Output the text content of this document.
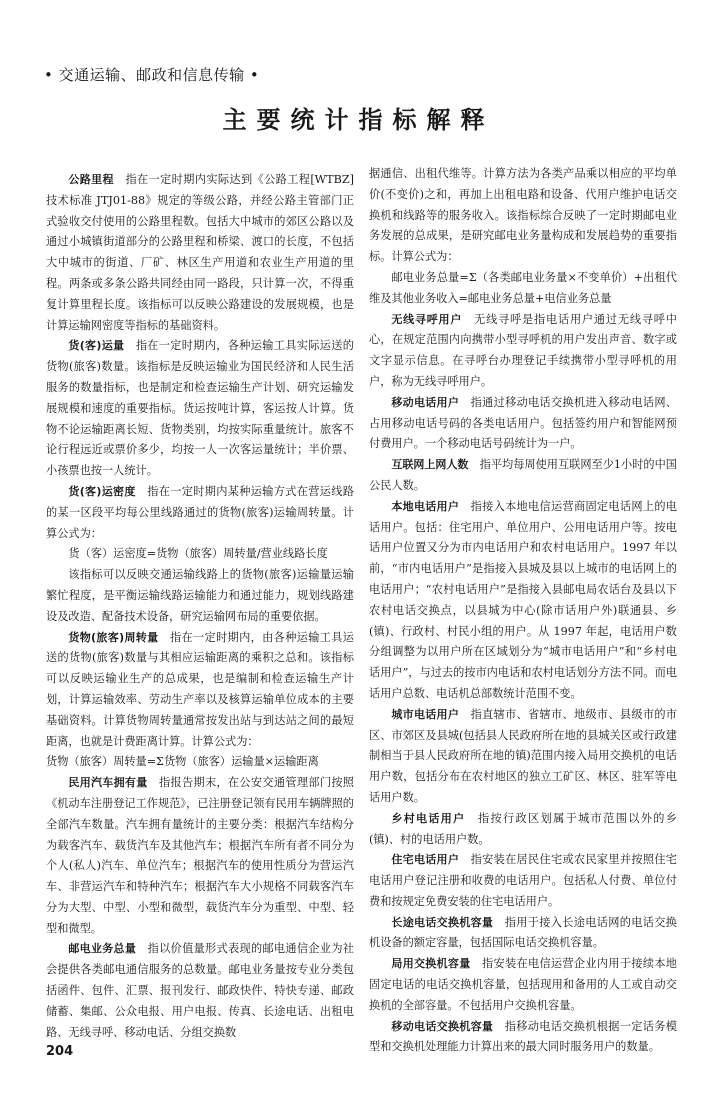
• 交通运输、邮政和信息传输 •
主要统计指标解释

公路里程　 指在一定时期内实际达到《公路工程[WTBZ]技术标准 JTJ01-88》规定的等级公路，并经公路主管部门正式验收交付使用的公路里程数。包括大中城市的郊区公路以及通过小城镇街道部分的公路里程和桥梁、渡口的长度，不包括大中城市的街道、厂矿、林区生产用道和农业生产用道的里程。两条或多条公路共同经由同一路段，只计算一次，不得重复计算里程长度。该指标可以反映公路建设的发展规模，也是计算运输网密度等指标的基础资料。

货(客)运量　 指在一定时期内，各种运输工具实际运送的货物(旅客)数量。该指标是反映运输业为国民经济和人民生活服务的数量指标，也是制定和检查运输生产计划、研究运输发展规模和速度的重要指标。货运按吨计算，客运按人计算。货物不论运输距离长短、货物类别，均按实际重量统计。旅客不论行程远近或票价多少，均按一人一次客运量统计；半价票、小孩票也按一人统计。

货(客)运密度　 指在一定时期内某种运输方式在营运线路的某一区段平均每公里线路通过的货物(旅客)运输周转量。计算公式为：

货（客）运密度=货物（旅客）周转量/营业线路长度

该指标可以反映交通运输线路上的货物(旅客)运输量运输繁忙程度，是平衡运输线路运输能力和通过能力，规划线路建设及改造、配备技术设备，研究运输网布局的重要依据。

货物(旅客)周转量　 指在一定时期内，由各种运输工具运送的货物(旅客)数量与其相应运输距离的乘积之总和。该指标可以反映运输业生产的总成果，也是编制和检查运输生产计划，计算运输效率、劳动生产率以及核算运输单位成本的主要基础资料。计算货物周转量通常按发出站与到达站之间的最短距离，也就是计费距离计算。计算公式为：

货物（旅客）周转量=Σ货物（旅客）运输量×运输距离

民用汽车拥有量　 指报告期末，在公安交通管理部门按照《机动车注册登记工作规范》，已注册登记领有民用车辆牌照的全部汽车数量。汽车拥有量统计的主要分类：根据汽车结构分为载客汽车、载货汽车及其他汽车；根据汽车所有者不同分为个人(私人)汽车、单位汽车；根据汽车的使用性质分为营运汽车、非营运汽车和特种汽车；根据汽车大小规格不同载客汽车分为大型、中型、小型和微型，载货汽车分为重型、中型、轻型和微型。

邮电业务总量　 指以价值量形式表现的邮电通信企业为社会提供各类邮电通信服务的总数量。邮电业务量按专业分类包括函件、包件、汇票、报刊发行、邮政快件、特快专递、邮政储蓄、集邮、公众电报、用户电报、传真、长途电话、出租电路、无线寻呼、移动电话、分组交换数

据通信、出租代维等。计算方法为各类产品乘以相应的平均单价(不变价)之和，再加上出租电路和设备、代用户维护电话交换机和线路等的服务收入。该指标综合反映了一定时期邮电业务发展的总成果，是研究邮电业务量构成和发展趋势的重要指标。计算公式为：

邮电业务总量=Σ（各类邮电业务量×不变单价）+出租代维及其他业务收入=邮电业务总量+电信业务总量

无线寻呼用户　 无线寻呼是指电话用户通过无线寻呼中心，在规定范围内向携带小型寻呼机的用户发出声音、数字或文字显示信息。在寻呼台办理登记手续携带小型寻呼机的用户，称为无线寻呼用户。

移动电话用户　 指通过移动电话交换机进入移动电话网、占用移动电话号码的各类电话用户。包括签约用户和智能网预付费用户。一个移动电话号码统计为一户。

互联网上网人数　 指平均每周使用互联网至少1小时的中国公民人数。

本地电话用户　 指接入本地电信运营商固定电话网上的电话用户。包括：住宅用户、单位用户、公用电话用户等。按电话用户位置又分为市内电话用户和农村电话用户。1997 年以前，“市内电话用户”是指接入县城及县以上城市的电话网上的电话用户；“农村电话用户”是指接入县邮电局农话台及县以下农村电话交换点，以县城为中心(除市话用户外)联通县、乡(镇)、行政村、村民小组的用户。从 1997 年起，电话用户数分组调整为以用户所在区域划分为“城市电话用户”和“乡村电话用户”，与过去的按市内电话和农村电话划分方法不同。而电话用户总数、电话机总部数统计范围不变。

城市电话用户　 指直辖市、省辖市、地级市、县级市的市区、市郊区及县城(包括县人民政府所在地的县城关区或行政建制相当于县人民政府所在地的镇)范围内接入局用交换机的电话用户数，包括分布在农村地区的独立工矿区、林区、驻军等电话用户数。

乡村电话用户　 指按行政区划属于城市范围以外的乡(镇)、村的电话用户数。

住宅电话用户　 指安装在居民住宅或农民家里并按照住宅电话用户登记注册和收费的电话用户。包括私人付费、单位付费和按规定免费安装的住宅电话用户。

长途电话交换机容量　 指用于接入长途电话网的电话交换机设备的额定容量，包括国际电话交换机容量。

局用交换机容量　 指安装在电信运营企业内用于接续本地固定电话的电话交换机容量，包括现用和备用的人工或自动交换机的全部容量。不包括用户交换机容量。

移动电话交换机容量　 指移动电话交换机根据一定话务模型和交换机处理能力计算出来的最大同时服务用户的数量。

204
